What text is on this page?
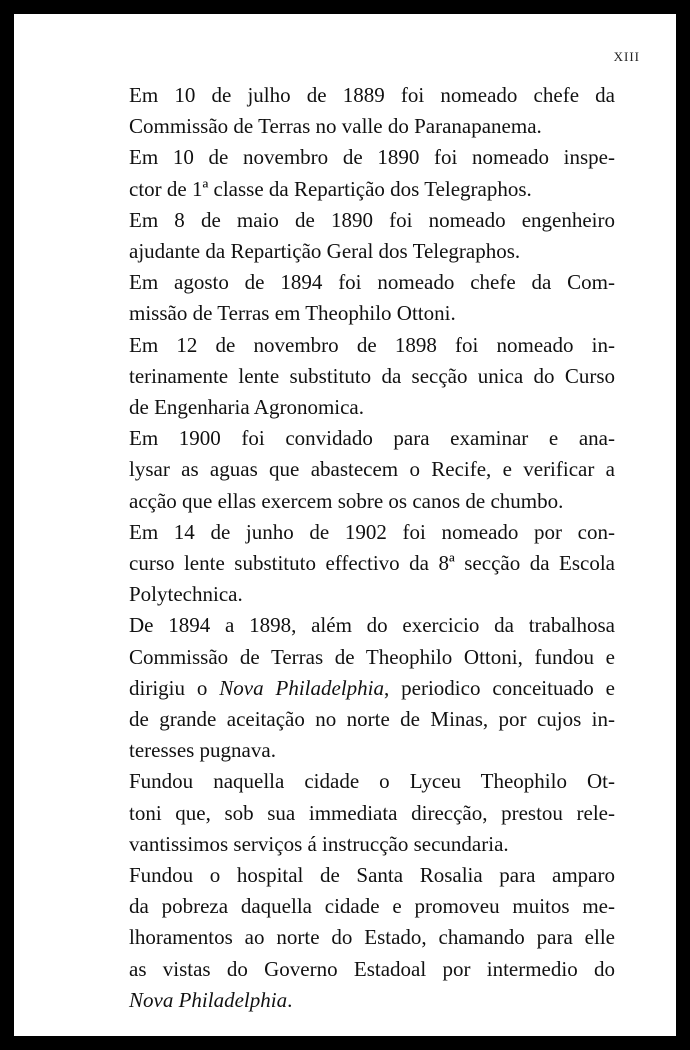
XIII

Em 10 de julho de 1889 foi nomeado chefe da
Commissão de Terras no valle do Paranapanema.

Em 10 de novembro de 1890 foi nomeado inspe-
ctor de 1ª classe da Repartição dos Telegraphos.

Em 8 de maio de 1890 foi nomeado engenheiro
ajudante da Repartição Geral dos Telegraphos.

Em agosto de 1894 foi nomeado chefe da Com-
missão de Terras em Theophilo Ottoni.

Em 12 de novembro de 1898 foi nomeado in-
terinamente lente substituto da secção unica do Curso
de Engenharia Agronomica.

Em 1900 foi convidado para examinar e ana-
lysar as aguas que abastecem o Recife, e verificar a
acção que ellas exercem sobre os canos de chumbo.

Em 14 de junho de 1902 foi nomeado por con-
curso lente substituto effectivo da 8ª secção da Escola
Polytechnica.

De 1894 a 1898, além do exercicio da trabalhosa
Commissão de Terras de Theophilo Ottoni, fundou e
dirigiu o Nova Philadelphia, periodico conceituado e
de grande aceitação no norte de Minas, por cujos in-
teresses pugnava.

Fundou naquella cidade o Lyceu Theophilo Ot-
toni que, sob sua immediata direcção, prestou rele-
vantissimos serviços á instrucção secundaria.

Fundou o hospital de Santa Rosalia para amparo
da pobreza daquella cidade e promoveu muitos me-
lhoramentos ao norte do Estado, chamando para elle
as vistas do Governo Estadoal por intermedio do
Nova Philadelphia.
